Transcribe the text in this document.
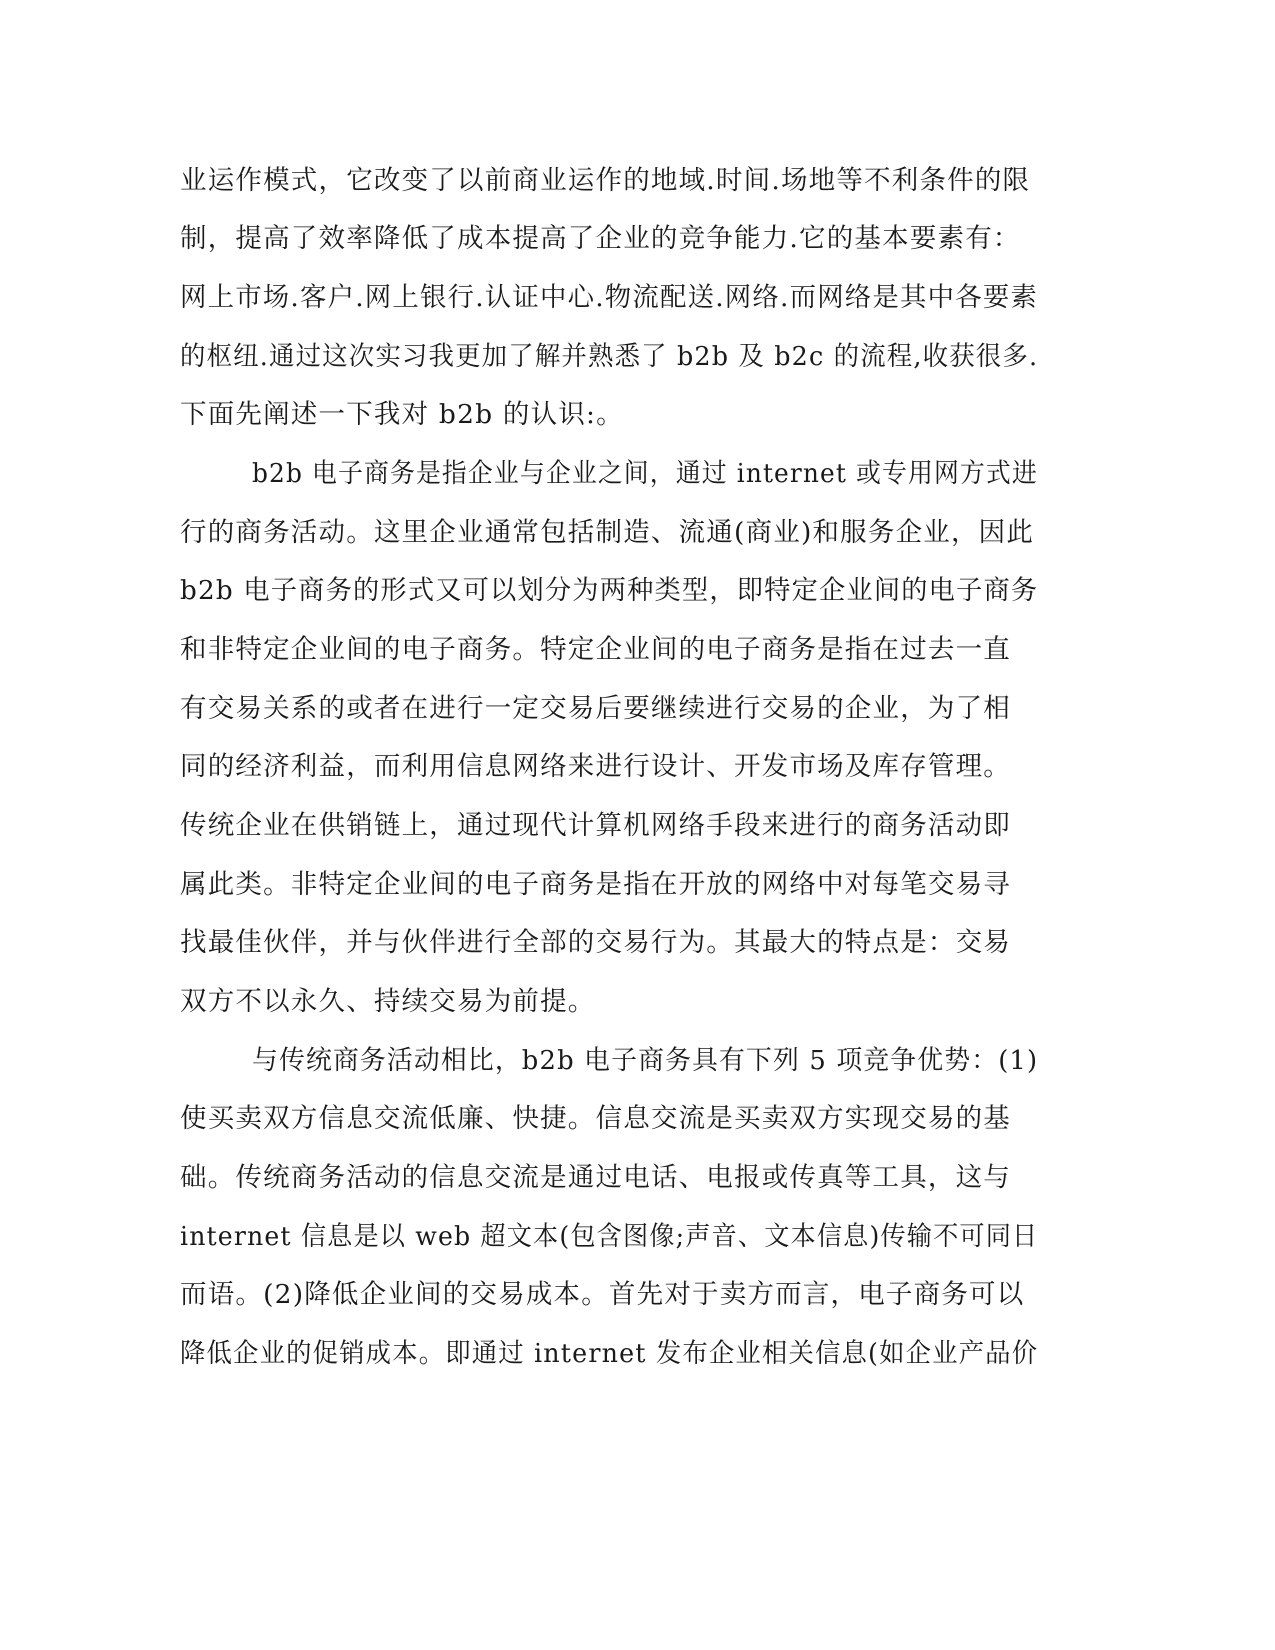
业运作模式，它改变了以前商业运作的地域.时间.场地等不利条件的限
制，提高了效率降低了成本提高了企业的竞争能力.它的基本要素有：
网上市场.客户.网上银行.认证中心.物流配送.网络.而网络是其中各要素
的枢纽.通过这次实习我更加了解并熟悉了 b2b 及 b2c 的流程,收获很多.
下面先阐述一下我对 b2b 的认识:。
b2b 电子商务是指企业与企业之间，通过 internet 或专用网方式进
行的商务活动。这里企业通常包括制造、流通(商业)和服务企业，因此
b2b 电子商务的形式又可以划分为两种类型，即特定企业间的电子商务
和非特定企业间的电子商务。特定企业间的电子商务是指在过去一直
有交易关系的或者在进行一定交易后要继续进行交易的企业，为了相
同的经济利益，而利用信息网络来进行设计、开发市场及库存管理。
传统企业在供销链上，通过现代计算机网络手段来进行的商务活动即
属此类。非特定企业间的电子商务是指在开放的网络中对每笔交易寻
找最佳伙伴，并与伙伴进行全部的交易行为。其最大的特点是：交易
双方不以永久、持续交易为前提。
与传统商务活动相比，b2b 电子商务具有下列 5 项竞争优势：(1)
使买卖双方信息交流低廉、快捷。信息交流是买卖双方实现交易的基
础。传统商务活动的信息交流是通过电话、电报或传真等工具，这与
internet 信息是以 web 超文本(包含图像;声音、文本信息)传输不可同日
而语。(2)降低企业间的交易成本。首先对于卖方而言，电子商务可以
降低企业的促销成本。即通过 internet 发布企业相关信息(如企业产品价
